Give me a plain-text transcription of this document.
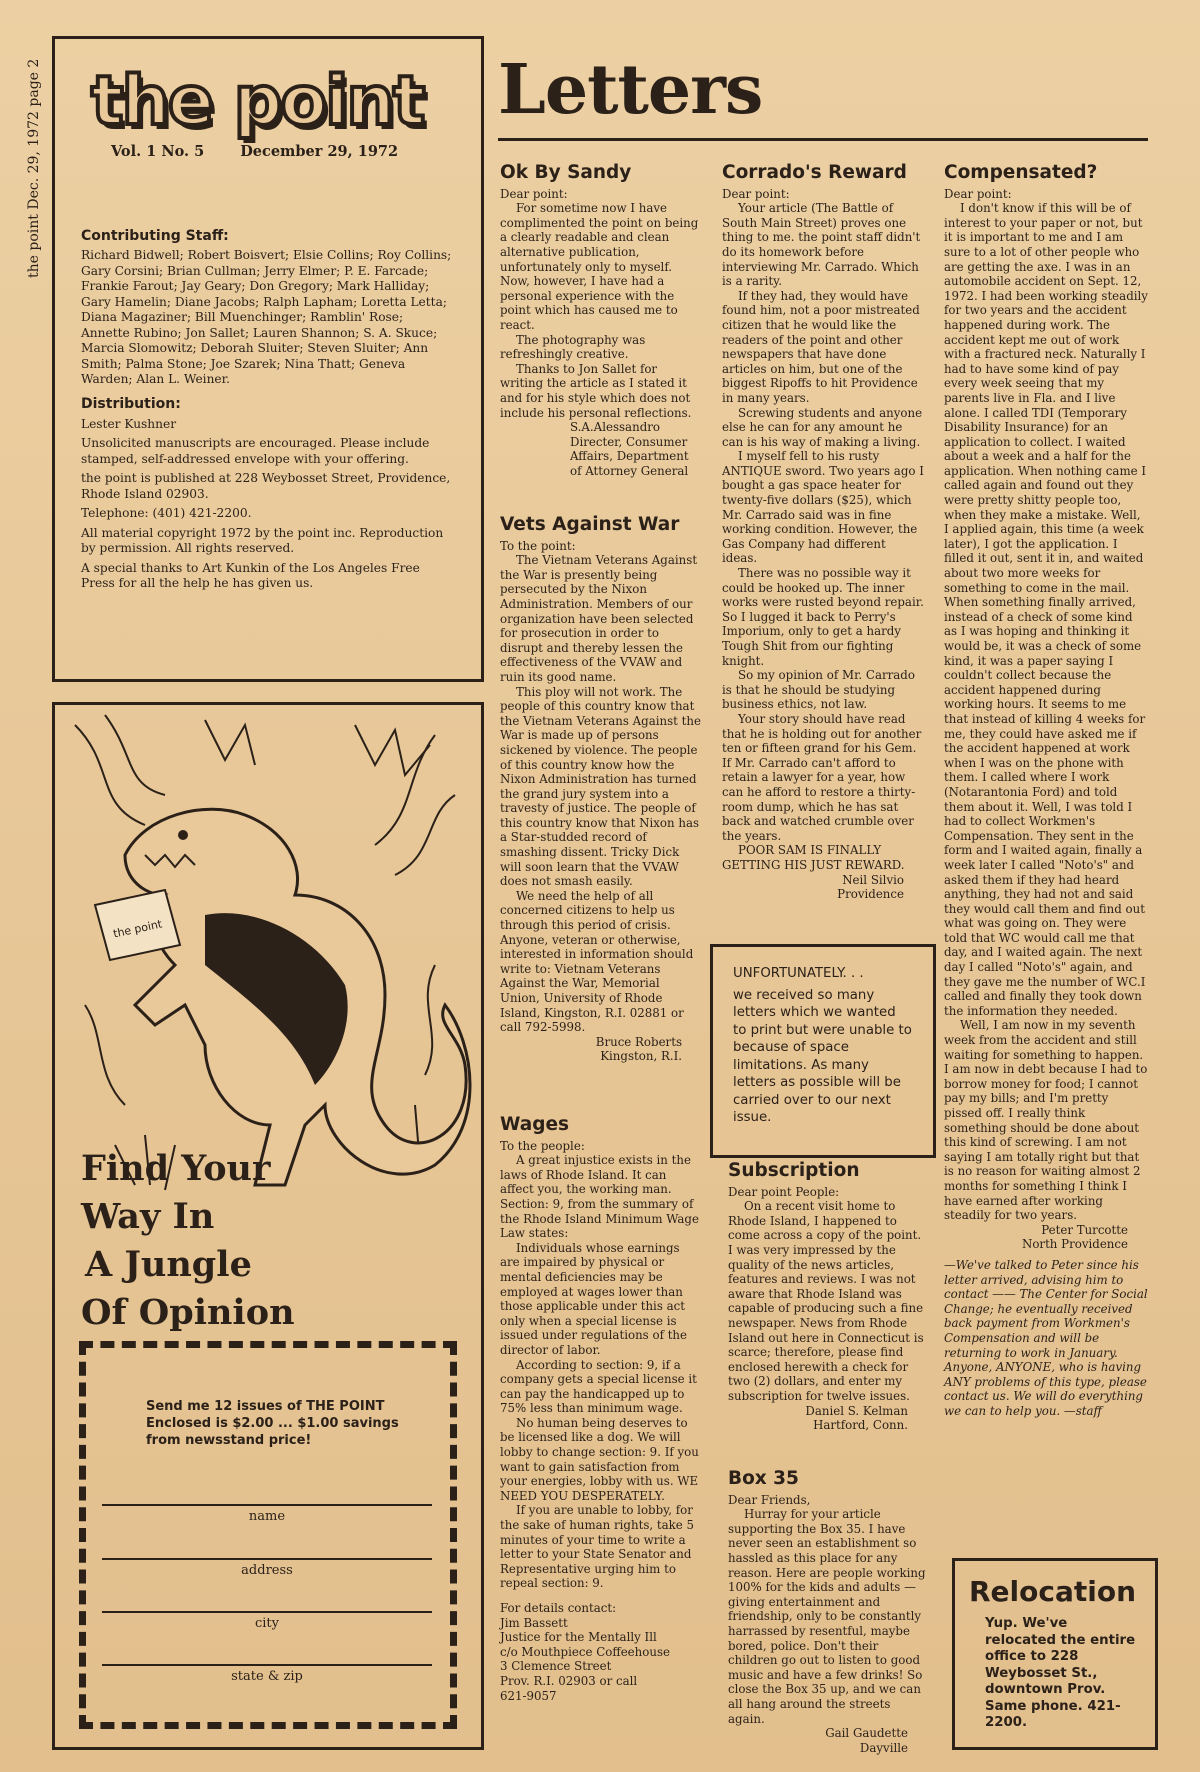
the point Dec. 29, 1972 page 2 the point
Vol. 1 No. 5 December 29, 1972
Contributing Staff:

Richard Bidwell; Robert Boisvert; Elsie Collins; Roy Collins; Gary Corsini; Brian Cullman; Jerry Elmer; P. E. Farcade; Frankie Farout; Jay Geary; Don Gregory; Mark Halliday; Gary Hamelin; Diane Jacobs; Ralph Lapham; Loretta Letta; Diana Magaziner; Bill Muenchinger; Ramblin' Rose; Annette Rubino; Jon Sallet; Lauren Shannon; S. A. Skuce; Marcia Slomowitz; Deborah Sluiter; Steven Sluiter; Ann Smith; Palma Stone; Joe Szarek; Nina Thatt; Geneva Warden; Alan L. Weiner.

Distribution:

Lester Kushner

Unsolicited manuscripts are encouraged. Please include stamped, self-addressed envelope with your offering.

the point is published at 228 Weybosset Street, Providence, Rhode Island 02903.

Telephone: (401) 421-2200.

All material copyright 1972 by the point inc. Reproduction by permission. All rights reserved.

A special thanks to Art Kunkin of the Los Angeles Free Press for all the help he has given us.

the point
Find Your
Way In
A Jungle
Of Opinion
Send me 12 issues of THE POINT Enclosed is $2.00 ... $1.00 savings from newsstand price!
name
address
city
state & zip
Letters
Ok By Sandy

Dear point:

For sometime now I have complimented the point on being a clearly readable and clean alternative publication, unfortunately only to myself. Now, however, I have had a personal experience with the point which has caused me to react.

The photography was refreshingly creative.

Thanks to Jon Sallet for writing the article as I stated it and for his style which does not include his personal reflections.

S.A.Alessandro

Directer, Consumer

Affairs, Department

of Attorney General

Vets Against War

To the point:

The Vietnam Veterans Against the War is presently being persecuted by the Nixon Administration. Members of our organization have been selected for prosecution in order to disrupt and thereby lessen the effectiveness of the VVAW and ruin its good name.

This ploy will not work. The people of this country know that the Vietnam Veterans Against the War is made up of persons sickened by violence. The people of this country know how the Nixon Administration has turned the grand jury system into a travesty of justice. The people of this country know that Nixon has a Star-studded record of smashing dissent. Tricky Dick will soon learn that the VVAW does not smash easily.

We need the help of all concerned citizens to help us through this period of crisis. Anyone, veteran or otherwise, interested in information should write to: Vietnam Veterans Against the War, Memorial Union, University of Rhode Island, Kingston, R.I. 02881 or call 792-5998.

Bruce Roberts

Kingston, R.I.

Wages

To the people:

A great injustice exists in the laws of Rhode Island. It can affect you, the working man. Section: 9, from the summary of the Rhode Island Minimum Wage Law states:

Individuals whose earnings are impaired by physical or mental deficiencies may be employed at wages lower than those applicable under this act only when a special license is issued under regulations of the director of labor.

According to section: 9, if a company gets a special license it can pay the handicapped up to 75% less than minimum wage.

No human being deserves to be licensed like a dog. We will lobby to change section: 9. If you want to gain satisfaction from your energies, lobby with us. WE NEED YOU DESPERATELY.

If you are unable to lobby, for the sake of human rights, take 5 minutes of your time to write a letter to your State Senator and Representative urging him to repeal section: 9.

For details contact:

Jim Bassett

Justice for the Mentally Ill

c/o Mouthpiece Coffeehouse

3 Clemence Street

Prov. R.I. 02903 or call

621-9057

Corrado's Reward

Dear point:

Your article (The Battle of South Main Street) proves one thing to me. the point staff didn't do its homework before interviewing Mr. Carrado. Which is a rarity.

If they had, they would have found him, not a poor mistreated citizen that he would like the readers of the point and other newspapers that have done articles on him, but one of the biggest Ripoffs to hit Providence in many years.

Screwing students and anyone else he can for any amount he can is his way of making a living.

I myself fell to his rusty ANTIQUE sword. Two years ago I bought a gas space heater for twenty-five dollars ($25), which Mr. Carrado said was in fine working condition. However, the Gas Company had different ideas.

There was no possible way it could be hooked up. The inner works were rusted beyond repair. So I lugged it back to Perry's Imporium, only to get a hardy Tough Shit from our fighting knight.

So my opinion of Mr. Carrado is that he should be studying business ethics, not law.

Your story should have read that he is holding out for another ten or fifteen grand for his Gem. If Mr. Carrado can't afford to retain a lawyer for a year, how can he afford to restore a thirty-room dump, which he has sat back and watched crumble over the years.

POOR SAM IS FINALLY GETTING HIS JUST REWARD.

Neil Silvio

Providence

UNFORTUNATELY. . .
we received so many letters which we wanted to print but were unable to because of space limitations. As many letters as possible will be carried over to our next issue.
Subscription

Dear point People:

On a recent visit home to Rhode Island, I happened to come across a copy of the point. I was very impressed by the quality of the news articles, features and reviews. I was not aware that Rhode Island was capable of producing such a fine newspaper. News from Rhode Island out here in Connecticut is scarce; therefore, please find enclosed herewith a check for two (2) dollars, and enter my subscription for twelve issues.

Daniel S. Kelman

Hartford, Conn.

Box 35

Dear Friends,

Hurray for your article supporting the Box 35. I have never seen an establishment so hassled as this place for any reason. Here are people working 100% for the kids and adults — giving entertainment and friendship, only to be constantly harrassed by resentful, maybe bored, police. Don't their children go out to listen to good music and have a few drinks! So close the Box 35 up, and we can all hang around the streets again.

Gail Gaudette

Dayville

Compensated?

Dear point:

I don't know if this will be of interest to your paper or not, but it is important to me and I am sure to a lot of other people who are getting the axe. I was in an automobile accident on Sept. 12, 1972. I had been working steadily for two years and the accident happened during work. The accident kept me out of work with a fractured neck. Naturally I had to have some kind of pay every week seeing that my parents live in Fla. and I live alone. I called TDI (Temporary Disability Insurance) for an application to collect. I waited about a week and a half for the application. When nothing came I called again and found out they were pretty shitty people too, when they make a mistake. Well, I applied again, this time (a week later), I got the application. I filled it out, sent it in, and waited about two more weeks for something to come in the mail. When something finally arrived, instead of a check of some kind as I was hoping and thinking it would be, it was a check of some kind, it was a paper saying I couldn't collect because the accident happened during working hours. It seems to me that instead of killing 4 weeks for me, they could have asked me if the accident happened at work when I was on the phone with them. I called where I work (Notarantonia Ford) and told them about it. Well, I was told I had to collect Workmen's Compensation. They sent in the form and I waited again, finally a week later I called "Noto's" and asked them if they had heard anything, they had not and said they would call them and find out what was going on. They were told that WC would call me that day, and I waited again. The next day I called "Noto's" again, and they gave me the number of WC.I called and finally they took down the information they needed.

Well, I am now in my seventh week from the accident and still waiting for something to happen. I am now in debt because I had to borrow money for food; I cannot pay my bills; and I'm pretty pissed off. I really think something should be done about this kind of screwing. I am not saying I am totally right but that is no reason for waiting almost 2 months for something I think I have earned after working steadily for two years.

Peter Turcotte

North Providence

—We've talked to Peter since his letter arrived, advising him to contact —— The Center for Social Change; he eventually received back payment from Workmen's Compensation and will be returning to work in January. Anyone, ANYONE, who is having ANY problems of this type, please contact us. We will do everything we can to help you. —staff

Relocation

Yup. We've relocated the entire office to 228 Weybosset St., downtown Prov. Same phone. 421-2200.
